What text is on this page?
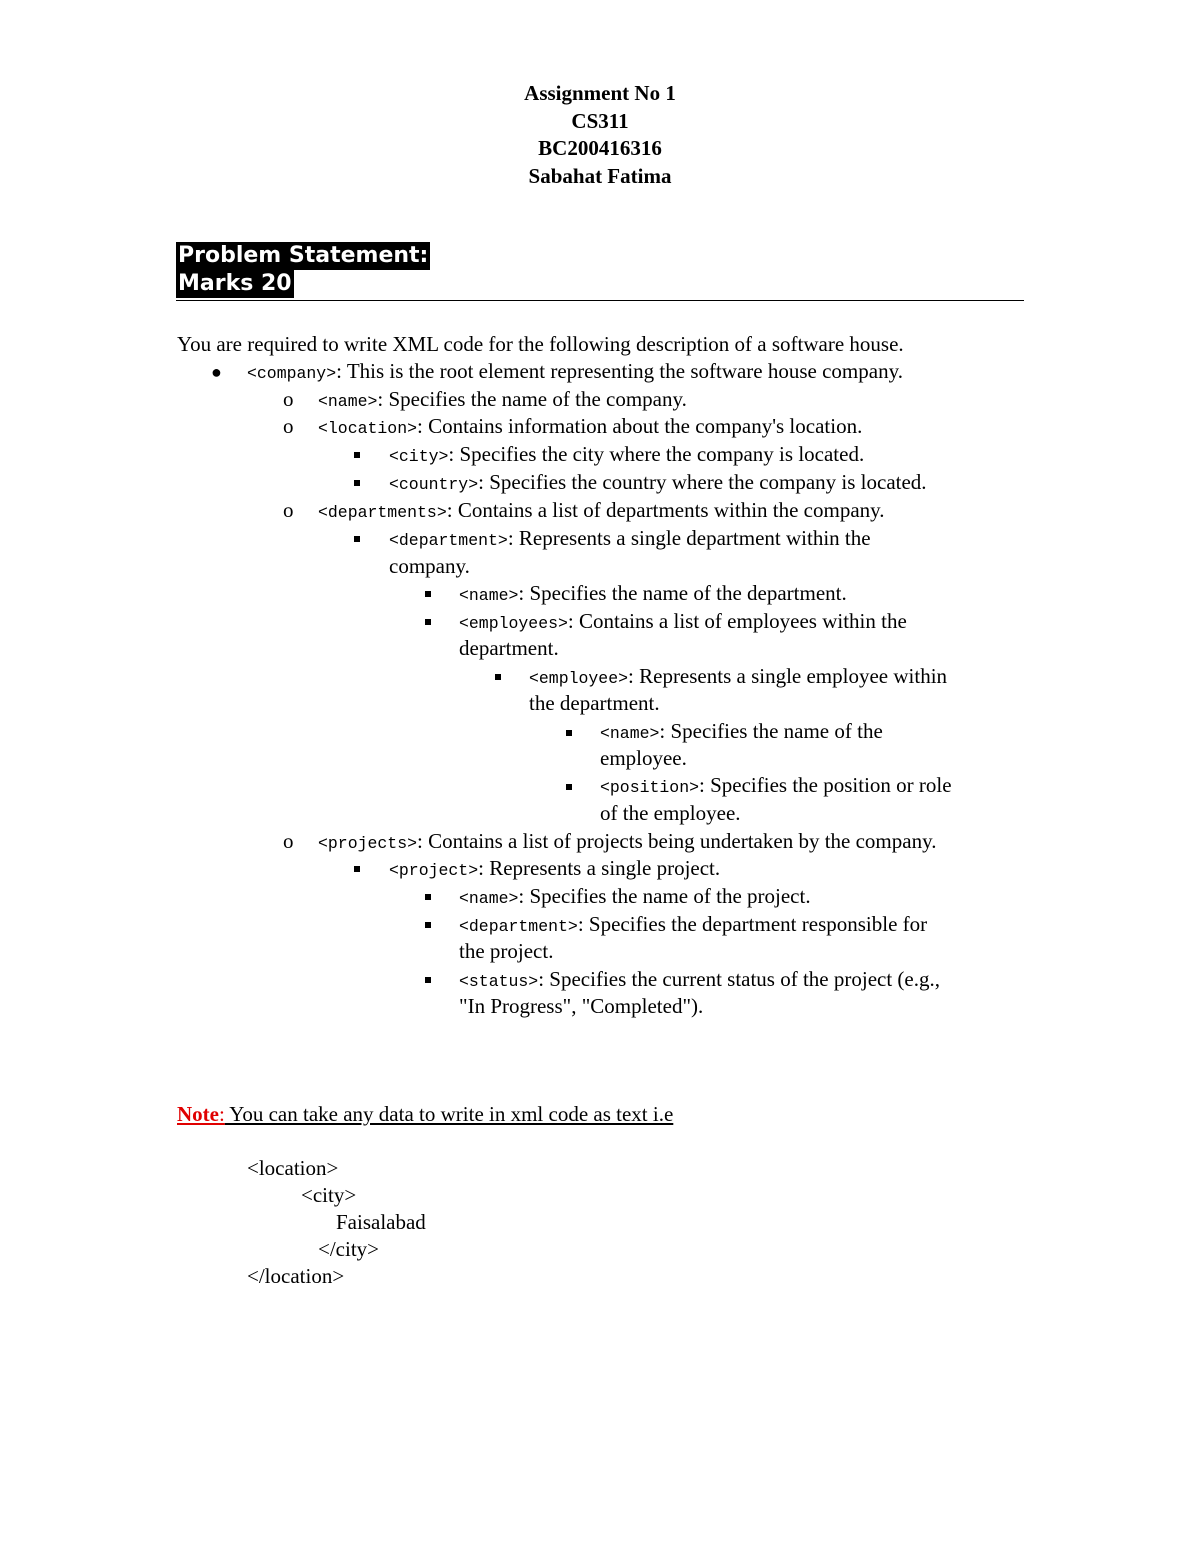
Assignment No 1
CS311
BC200416316
Sabahat Fatima
Problem Statement:
Marks 20
You are required to write XML code for the following description of a software house.
● <company>: This is the root element representing the software house company.
o <name>: Specifies the name of the company.
o <location>: Contains information about the company's location.
<city>: Specifies the city where the company is located.
<country>: Specifies the country where the company is located.
o <departments>: Contains a list of departments within the company.
<department>: Represents a single department within the
company.
<name>: Specifies the name of the department.
<employees>: Contains a list of employees within the
department.
<employee>: Represents a single employee within
the department.
<name>: Specifies the name of the
employee.
<position>: Specifies the position or role
of the employee.
o <projects>: Contains a list of projects being undertaken by the company.
<project>: Represents a single project.
<name>: Specifies the name of the project.
<department>: Specifies the department responsible for
the project.
<status>: Specifies the current status of the project (e.g.,
"In Progress", "Completed").
Note: You can take any data to write in xml code as text i.e
<location>
<city>
Faisalabad
</city>
</location>
